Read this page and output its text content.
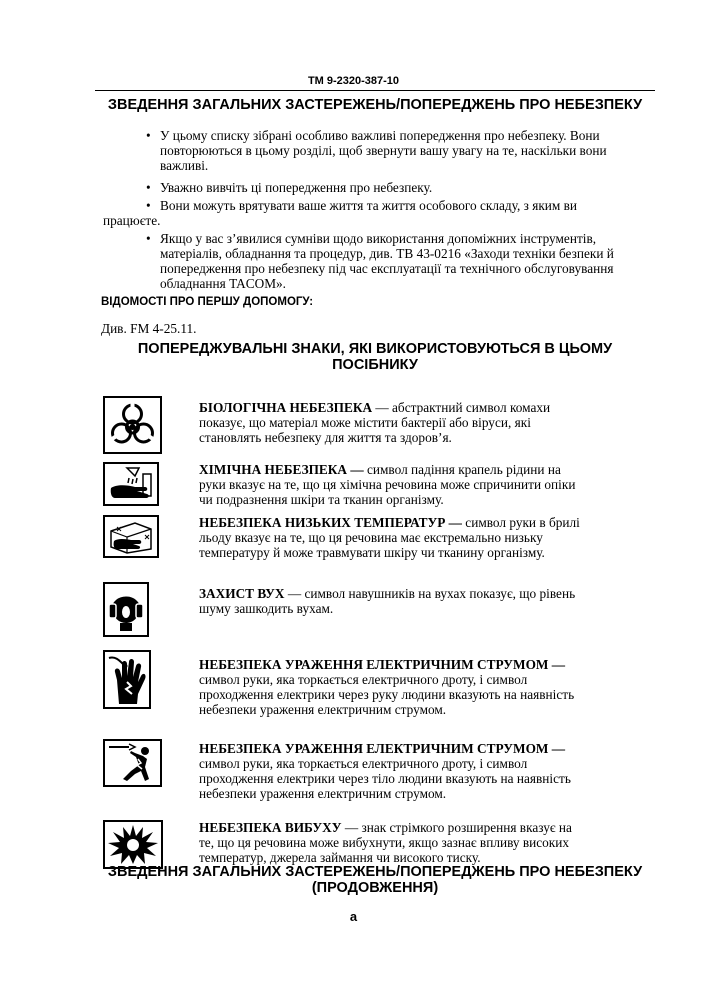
TM 9-2320-387-10
ЗВЕДЕННЯ ЗАГАЛЬНИХ ЗАСТЕРЕЖЕНЬ/ПОПЕРЕДЖЕНЬ ПРО НЕБЕЗПЕКУ
• У цьому списку зібрані особливо важливі попередження про небезпеку. Вони повторюються в цьому розділі, щоб звернути вашу увагу на те, наскільки вони важливі.
• Уважно вивчіть ці попередження про небезпеку.
• Вони можуть врятувати ваше життя та життя особового складу, з яким ви працюєте.
• Якщо у вас з’явилися сумніви щодо використання допоміжних інструментів, матеріалів, обладнання та процедур, див. ТВ 43-0216 «Заходи техніки безпеки й попередження про небезпеку під час експлуатації та технічного обслуговування обладнання TACOM».
ВІДОМОСТІ ПРО ПЕРШУ ДОПОМОГУ:
Див. FM 4-25.11.
ПОПЕРЕДЖУВАЛЬНІ ЗНАКИ, ЯКІ ВИКОРИСТОВУЮТЬСЯ В ЦЬОМУ ПОСІБНИКУ
БІОЛОГІЧНА НЕБЕЗПЕКА — абстрактний символ комахи показує, що матеріал може містити бактерії або віруси, які становлять небезпеку для життя та здоров’я.
ХІМІЧНА НЕБЕЗПЕКА — символ падіння крапель рідини на руки вказує на те, що ця хімічна речовина може спричинити опіки чи подразнення шкіри та тканин організму.
НЕБЕЗПЕКА НИЗЬКИХ ТЕМПЕРАТУР — символ руки в брилі льоду вказує на те, що ця речовина має екстремально низьку температуру й може травмувати шкіру чи тканину організму.
ЗАХИСТ ВУХ — символ навушників на вухах показує, що рівень шуму зашкодить вухам.
НЕБЕЗПЕКА УРАЖЕННЯ ЕЛЕКТРИЧНИМ СТРУМОМ — символ руки, яка торкається електричного дроту, і символ проходження електрики через руку людини вказують на наявність небезпеки ураження електричним струмом.
НЕБЕЗПЕКА УРАЖЕННЯ ЕЛЕКТРИЧНИМ СТРУМОМ — символ руки, яка торкається електричного дроту, і символ проходження електрики через тіло людини вказують на наявність небезпеки ураження електричним струмом.
НЕБЕЗПЕКА ВИБУХУ — знак стрімкого розширення вказує на те, що ця речовина може вибухнути, якщо зазнає впливу високих температур, джерела займання чи високого тиску.
ЗВЕДЕННЯ ЗАГАЛЬНИХ ЗАСТЕРЕЖЕНЬ/ПОПЕРЕДЖЕНЬ ПРО НЕБЕЗПЕКУ (ПРОДОВЖЕННЯ)
a
